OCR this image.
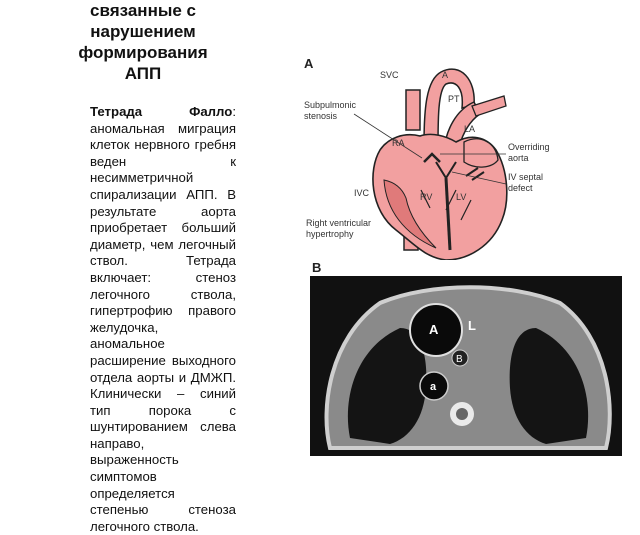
связанные с
нарушением
формирования
АПП
Тетрада Фалло: аномальная миграция клеток нервного гребня веден к несимметричной спирализации АПП. В результате аорта приобретает больший диаметр, чем легочный ствол. Тетрада включает: стеноз легочного ствола, гипертрофию правого желудочка, аномальное расширение выходного отдела аорты и ДМЖП. Клинически – синий тип порока с шунтированием слева направо, выраженность симптомов определяется степенью стеноза легочного ствола.
A
SVC	A
PT
LA
RA
RV	LV
IVC
Subpulmonic
stenosis
Overriding
aorta
IV septal
defect
Right ventricular
hypertrophy
B
A L
B
a
